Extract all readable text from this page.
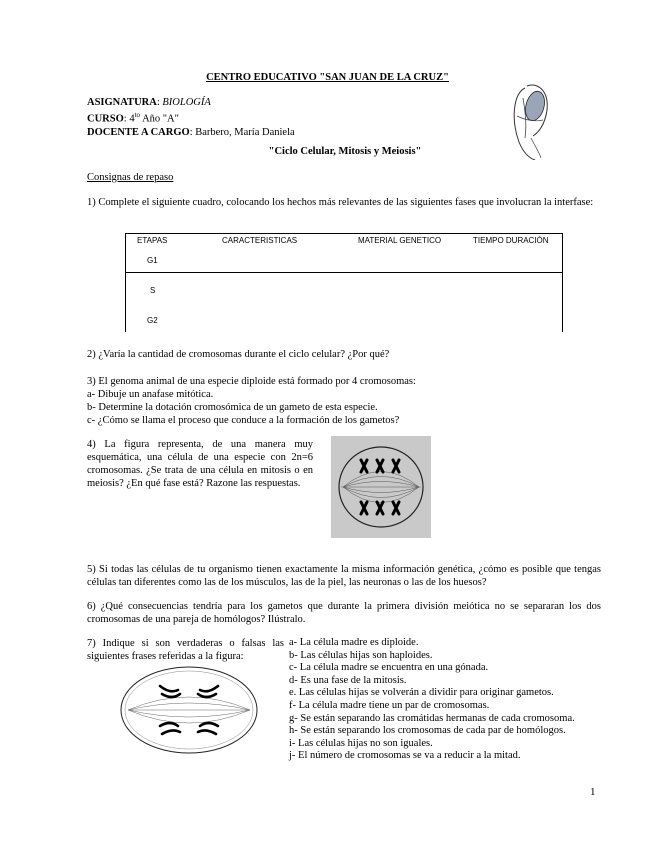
CENTRO EDUCATIVO "SAN JUAN DE LA CRUZ"
ASIGNATURA: BIOLOGÍA
CURSO: $4^{to}$ Año "A"
DOCENTE A CARGO: Barbero, María Daniela
"Ciclo Celular, Mitosis y Meiosis"
Consignas de repaso
1) Complete el siguiente cuadro, colocando los hechos más relevantes de las siguientes fases que involucran la interfase:
ETAPAS	CARACTERISTICAS	MATERIAL GENETICO	TIEMPO DURACIÓN
G1
S
G2
2) ¿Varía la cantidad de cromosomas durante el ciclo celular? ¿Por qué?
3) El genoma animal de una especie diploide está formado por 4 cromosomas:
a- Dibuje un anafase mitótica.
b- Determine la dotación cromosómica de un gameto de esta especie.
c- ¿Cómo se llama el proceso que conduce a la formación de los gametos?
4) La figura representa, de una manera muy esquemática, una célula de una especie con 2n=6 cromosomas. ¿Se trata de una célula en mitosis o en meiosis? ¿En qué fase está? Razone las respuestas.
5) Si todas las células de tu organismo tienen exactamente la misma información genética, ¿cómo es posible que tengas células tan diferentes como las de los músculos, las de la piel, las neuronas o las de los huesos?
6) ¿Qué consecuencias tendría para los gametos que durante la primera división meiótica no se separaran los dos cromosomas de una pareja de homólogos? Ilústralo.
7) Indique si son verdaderas o falsas las siguientes frases referidas a la figura:
a- La célula madre es diploide.
b- Las células hijas son haploides.
c- La célula madre se encuentra en una gónada.
d- Es una fase de la mitosis.
e. Las células hijas se volverán a dividir para originar gametos.
f- La célula madre tiene un par de cromosomas.
g- Se están separando las cromátidas hermanas de cada cromosoma.
h- Se están separando los cromosomas de cada par de homólogos.
i- Las células hijas no son iguales.
j- El número de cromosomas se va a reducir a la mitad.
1
